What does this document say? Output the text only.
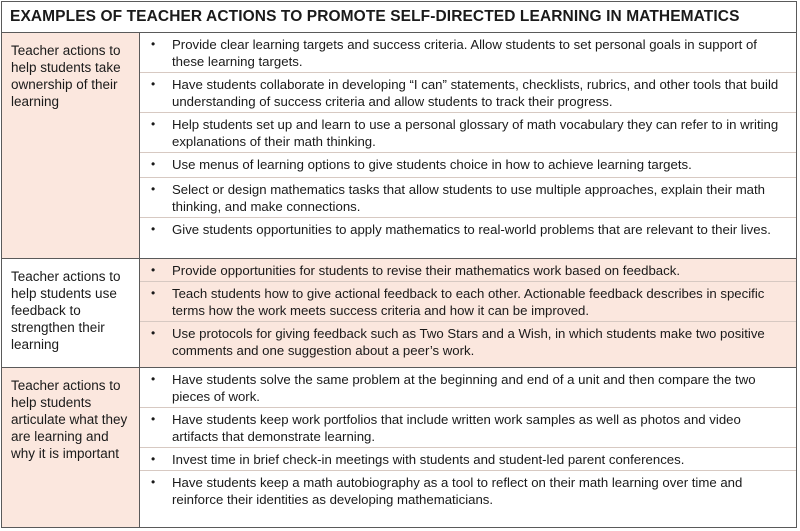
EXAMPLES OF TEACHER ACTIONS TO PROMOTE SELF-DIRECTED LEARNING IN MATHEMATICS
Teacher actions to help students take ownership of their learning
• Provide clear learning targets and success criteria. Allow students to set personal goals in support of these learning targets.
• Have students collaborate in developing “I can” statements, checklists, rubrics, and other tools that build understanding of success criteria and allow students to track their progress.
• Help students set up and learn to use a personal glossary of math vocabulary they can refer to in writing explanations of their math thinking.
• Use menus of learning options to give students choice in how to achieve learning targets.
• Select or design mathematics tasks that allow students to use multiple approaches, explain their math thinking, and make connections.
• Give students opportunities to apply mathematics to real-world problems that are relevant to their lives.
Teacher actions to help students use feedback to strengthen their learning
• Provide opportunities for students to revise their mathematics work based on feedback.
• Teach students how to give actional feedback to each other. Actionable feedback describes in specific terms how the work meets success criteria and how it can be improved.
• Use protocols for giving feedback such as Two Stars and a Wish, in which students make two positive comments and one suggestion about a peer’s work.
Teacher actions to help students articulate what they are learning and why it is important
• Have students solve the same problem at the beginning and end of a unit and then compare the two pieces of work.
• Have students keep work portfolios that include written work samples as well as photos and video artifacts that demonstrate learning.
• Invest time in brief check-in meetings with students and student-led parent conferences.
• Have students keep a math autobiography as a tool to reflect on their math learning over time and reinforce their identities as developing mathematicians.
